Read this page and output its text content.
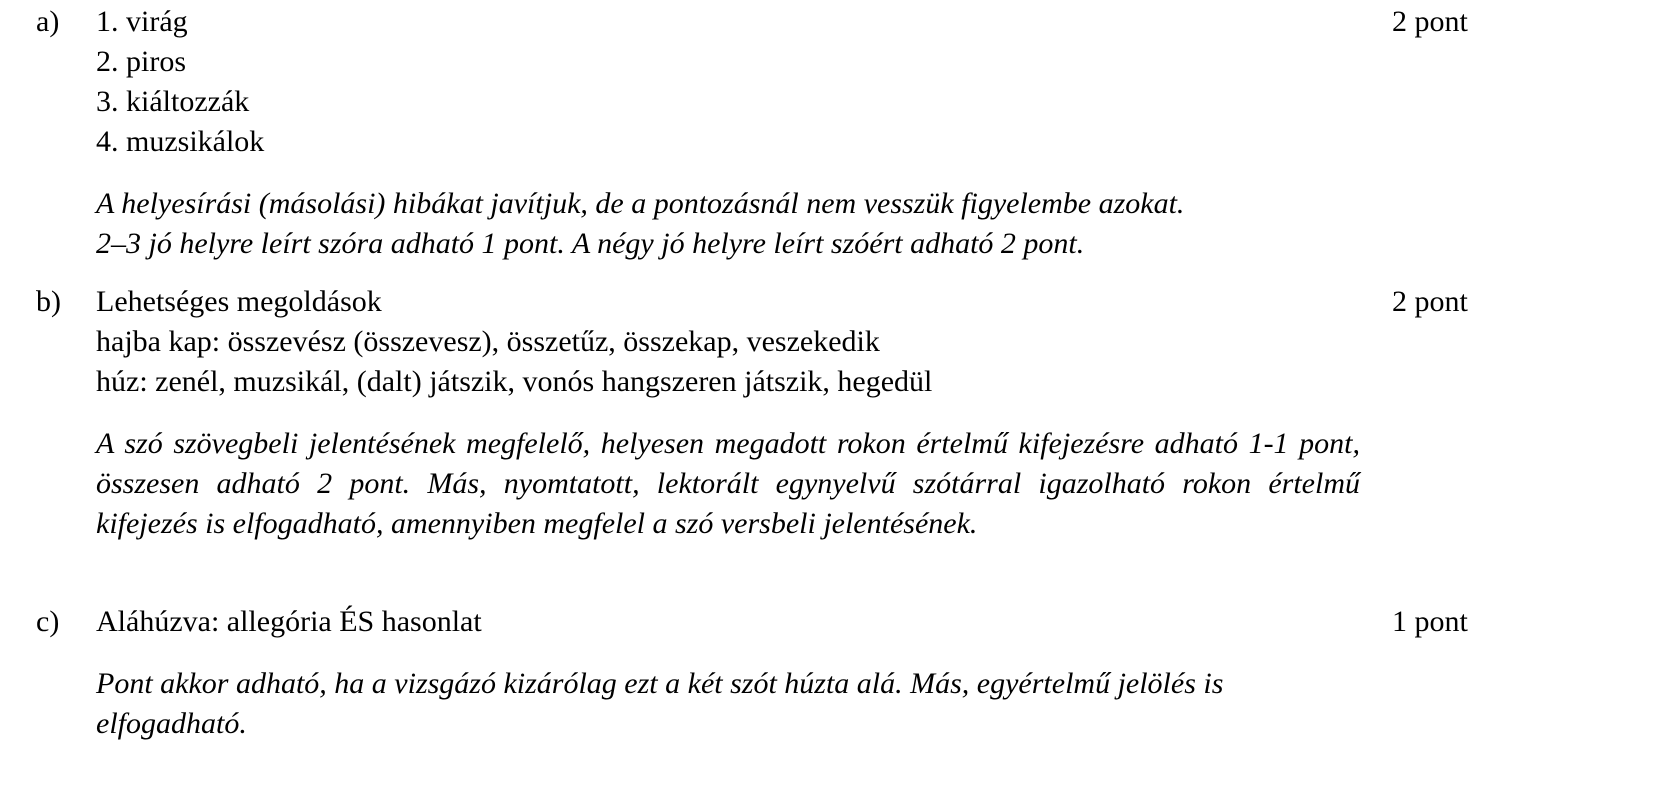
a) 1. virág
2. piros
3. kiáltozzák
4. muzsikálok
A helyesírási (másolási) hibákat javítjuk, de a pontozásnál nem vesszük figyelembe azokat.
2–3 jó helyre leírt szóra adható 1 pont. A négy jó helyre leírt szóért adható 2 pont.
2 pont
b) Lehetséges megoldások
hajba kap: összevész (összevesz), összetűz, összekap, veszekedik
húz: zenél, muzsikál, (dalt) játszik, vonós hangszeren játszik, hegedül
A szó szövegbeli jelentésének megfelelő, helyesen megadott rokon értelmű kifejezésre adható 1-1 pont, összesen adható 2 pont. Más, nyomtatott, lektorált egynyelvű szótárral igazolható rokon értelmű kifejezés is elfogadható, amennyiben megfelel a szó versbeli jelentésének.
2 pont
c) Aláhúzva: allegória ÉS hasonlat
Pont akkor adható, ha a vizsgázó kizárólag ezt a két szót húzta alá. Más, egyértelmű jelölés is elfogadható.
1 pont
